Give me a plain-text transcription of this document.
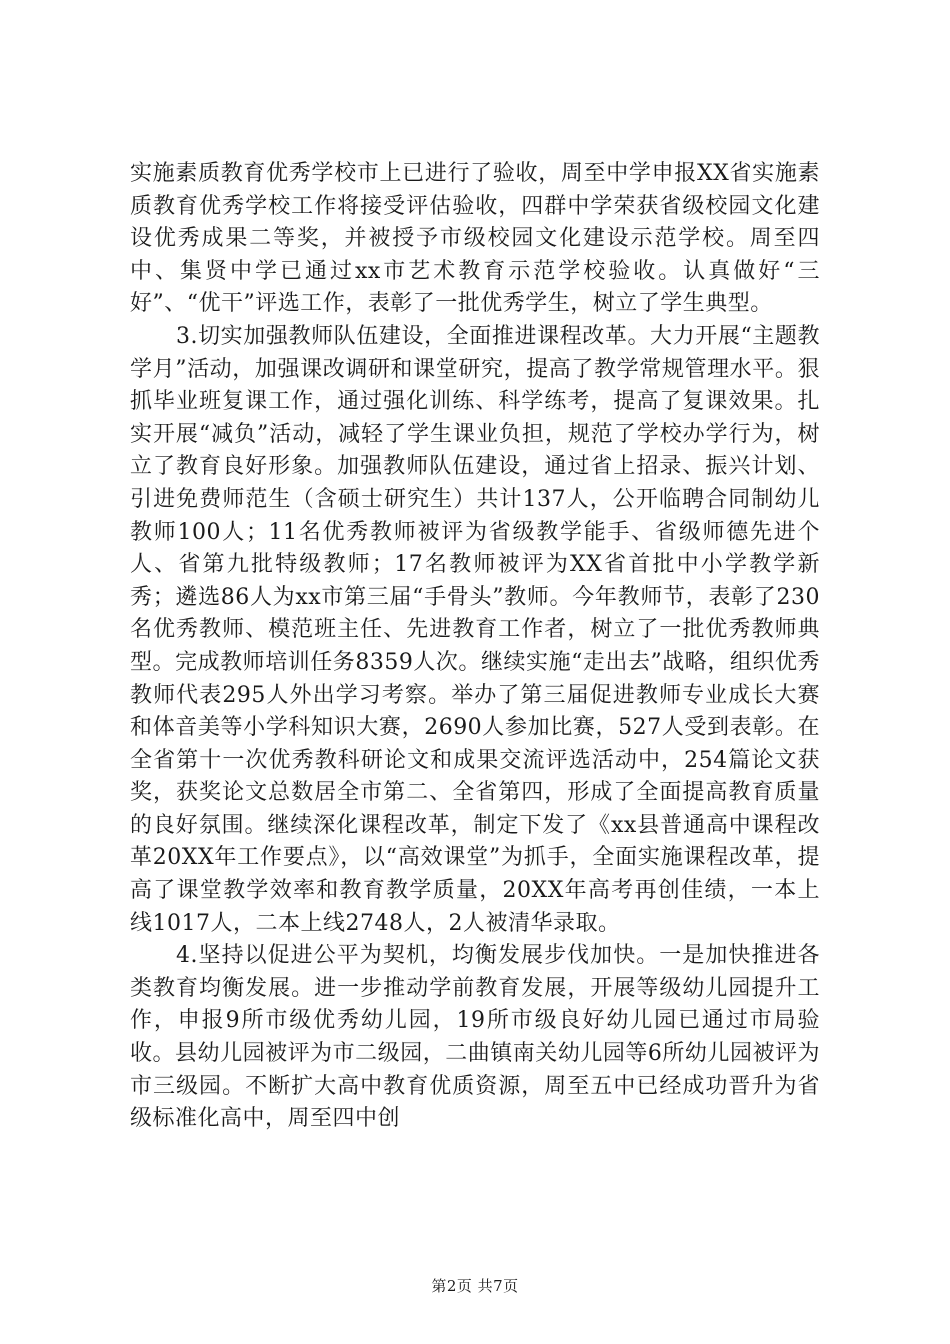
实施素质教育优秀学校市上已进行了验收，周至中学申报XX省实施素质教育优秀学校工作将接受评估验收，四群中学荣获省级校园文化建设优秀成果二等奖，并被授予市级校园文化建设示范学校。周至四中、集贤中学已通过xx市艺术教育示范学校验收。认真做好“三好”、“优干”评选工作，表彰了一批优秀学生，树立了学生典型。

3.切实加强教师队伍建设，全面推进课程改革。大力开展“主题教学月”活动，加强课改调研和课堂研究，提高了教学常规管理水平。狠抓毕业班复课工作，通过强化训练、科学练考，提高了复课效果。扎实开展“减负”活动，减轻了学生课业负担，规范了学校办学行为，树立了教育良好形象。加强教师队伍建设，通过省上招录、振兴计划、引进免费师范生（含硕士研究生）共计137人，公开临聘合同制幼儿教师100人；11名优秀教师被评为省级教学能手、省级师德先进个人、省第九批特级教师；17名教师被评为XX省首批中小学教学新秀；遴选86人为xx市第三届“手骨头”教师。今年教师节，表彰了230名优秀教师、模范班主任、先进教育工作者，树立了一批优秀教师典型。完成教师培训任务8359人次。继续实施“走出去”战略，组织优秀教师代表295人外出学习考察。举办了第三届促进教师专业成长大赛和体音美等小学科知识大赛，2690人参加比赛，527人受到表彰。在全省第十一次优秀教科研论文和成果交流评选活动中，254篇论文获奖，获奖论文总数居全市第二、全省第四，形成了全面提高教育质量的良好氛围。继续深化课程改革，制定下发了《xx县普通高中课程改革20XX年工作要点》，以“高效课堂”为抓手，全面实施课程改革，提高了课堂教学效率和教育教学质量，20XX年高考再创佳绩，一本上线1017人，二本上线2748人，2人被清华录取。

4.坚持以促进公平为契机，均衡发展步伐加快。一是加快推进各类教育均衡发展。进一步推动学前教育发展，开展等级幼儿园提升工作，申报9所市级优秀幼儿园，19所市级良好幼儿园已通过市局验收。县幼儿园被评为市二级园，二曲镇南关幼儿园等6所幼儿园被评为市三级园。不断扩大高中教育优质资源，周至五中已经成功晋升为省级标准化高中，周至四中创

第2页 共7页
